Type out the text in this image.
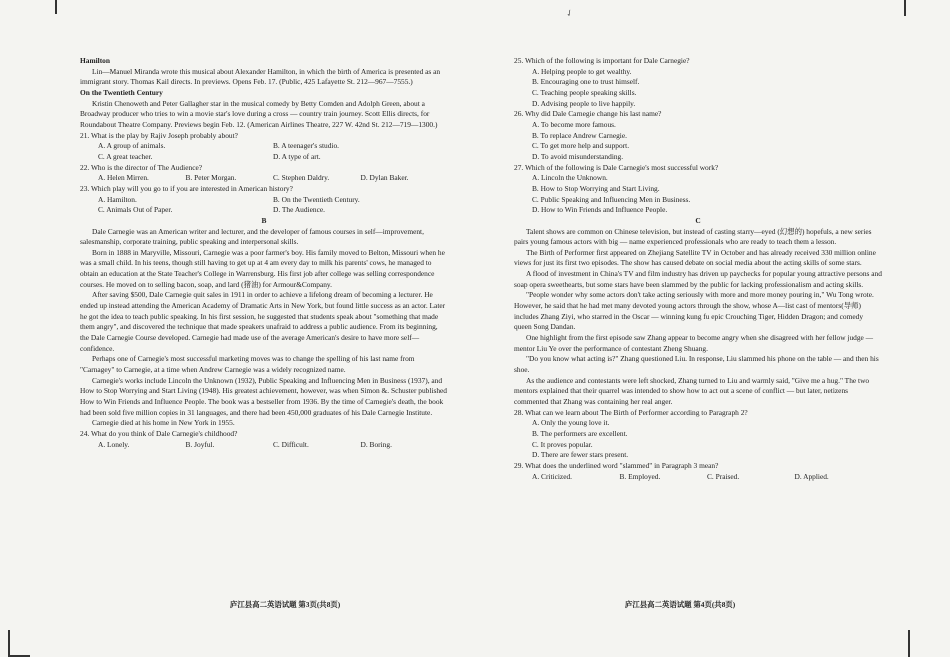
✓

Hamilton

Lin—Manuel Miranda wrote this musical about Alexander Hamilton, in which the birth of America is presented as an immigrant story. Thomas Kail directs. In previews. Opens Feb. 17. (Public, 425 Lafayette St. 212—967—7555.)

On the Twentieth Century

Kristin Chenoweth and Peter Gallagher star in the musical comedy by Betty Comden and Adolph Green, about a Broadway producer who tries to win a movie star's love during a cross — country train journey. Scott Ellis directs, for Roundabout Theatre Company. Previews begin Feb. 12. (American Airlines Theatre, 227 W. 42nd St. 212—719—1300.)

21. What is the play by Rajiv Joseph probably about?

A. A group of animals.	B. A teenager's studio.
C. A great teacher.	D. A type of art.

22. Who is the director of The Audience?

A. Helen Mirren.	B. Peter Morgan.	C. Stephen Daldry.	D. Dylan Baker.

23. Which play will you go to if you are interested in American history?

A. Hamilton.	B. On the Twentieth Century.
C. Animals Out of Paper.	D. The Audience.

B

Dale Carnegie was an American writer and lecturer, and the developer of famous courses in self—improvement, salesmanship, corporate training, public speaking and interpersonal skills.

Born in 1888 in Maryville, Missouri, Carnegie was a poor farmer's boy. His family moved to Belton, Missouri when he was a small child. In his teens, though still having to get up at 4 am every day to milk his parents' cows, he managed to obtain an education at the State Teacher's College in Warrensburg. His first job after college was selling correspondence courses. He moved on to selling bacon, soap, and lard (猪油) for Armour&Company.

After saving $500, Dale Carnegie quit sales in 1911 in order to achieve a lifelong dream of becoming a lecturer. He ended up instead attending the American Academy of Dramatic Arts in New York, but found little success as an actor. Later he got the idea to teach public speaking. In his first session, he suggested that students speak about "something that made them angry", and discovered the technique that made speakers unafraid to address a public audience. From its beginning, the Dale Carnegie Course developed. Carnegie had made use of the average American's desire to have more self—confidence.

Perhaps one of Carnegie's most successful marketing moves was to change the spelling of his last name from "Carnagey" to Carnegie, at a time when Andrew Carnegie was a widely recognized name.

Carnegie's works include Lincoln the Unknown (1932), Public Speaking and Influencing Men in Business (1937), and How to Stop Worrying and Start Living (1948). His greatest achievement, however, was when Simon &. Schuster published How to Win Friends and Influence People. The book was a bestseller from 1936. By the time of Carnegie's death, the book had been sold five million copies in 31 languages, and there had been 450,000 graduates of his Dale Carnegie Institute.

Carnegie died at his home in New York in 1955.

24. What do you think of Dale Carnegie's childhood?

A. Lonely.	B. Joyful.	C. Difficult.	D. Boring.

25. Which of the following is important for Dale Carnegie?

A. Helping people to get wealthy.

B. Encouraging one to trust himself.

C. Teaching people speaking skills.

D. Advising people to live happily.

26. Why did Dale Carnegie change his last name?

A. To become more famous.

B. To replace Andrew Carnegie.

C. To get more help and support.

D. To avoid misunderstanding.

27. Which of the following is Dale Carnegie's most successful work?

A. Lincoln the Unknown.

B. How to Stop Worrying and Start Living.

C. Public Speaking and Influencing Men in Business.

D. How to Win Friends and Influence People.

C

Talent shows are common on Chinese television, but instead of casting starry—eyed (幻想的) hopefuls, a new series pairs young famous actors with big — name experienced professionals who are ready to teach them a lesson.

The Birth of Performer first appeared on Zhejiang Satellite TV in October and has already received 330 million online views for just its first two episodes. The show has caused debate on social media about the acting skills of some stars.

A flood of investment in China's TV and film industry has driven up paychecks for popular young attractive persons and soap opera sweethearts, but some stars have been slammed by the public for lacking professionalism and acting skills.

"People wonder why some actors don't take acting seriously with more and more money pouring in," Wu Tong wrote. However, he said that he had met many devoted young actors through the show, whose A—list cast of mentors(导师) includes Zhang Ziyi, who starred in the Oscar — winning kung fu epic Crouching Tiger, Hidden Dragon; and comedy queen Song Dandan.

One highlight from the first episode saw Zhang appear to become angry when she disagreed with her fellow judge — mentor Liu Ye over the performance of contestant Zheng Shuang.

"Do you know what acting is?" Zhang questioned Liu. In response, Liu slammed his phone on the table — and then his shoe.

As the audience and contestants were left shocked, Zhang turned to Liu and warmly said, "Give me a hug." The two mentors explained that their quarrel was intended to show how to act out a scene of conflict — but later, netizens commented that Zhang was containing her real anger.

28. What can we learn about The Birth of Performer according to Paragraph 2?

A. Only the young love it.

B. The performers are excellent.

C. It proves popular.

D. There are fewer stars present.

29. What does the underlined word "slammed" in Paragraph 3 mean?

A. Criticized.	B. Employed.	C. Praised.	D. Applied.
庐江县高二英语试题 第3页(共8页)	庐江县高二英语试题 第4页(共8页)
